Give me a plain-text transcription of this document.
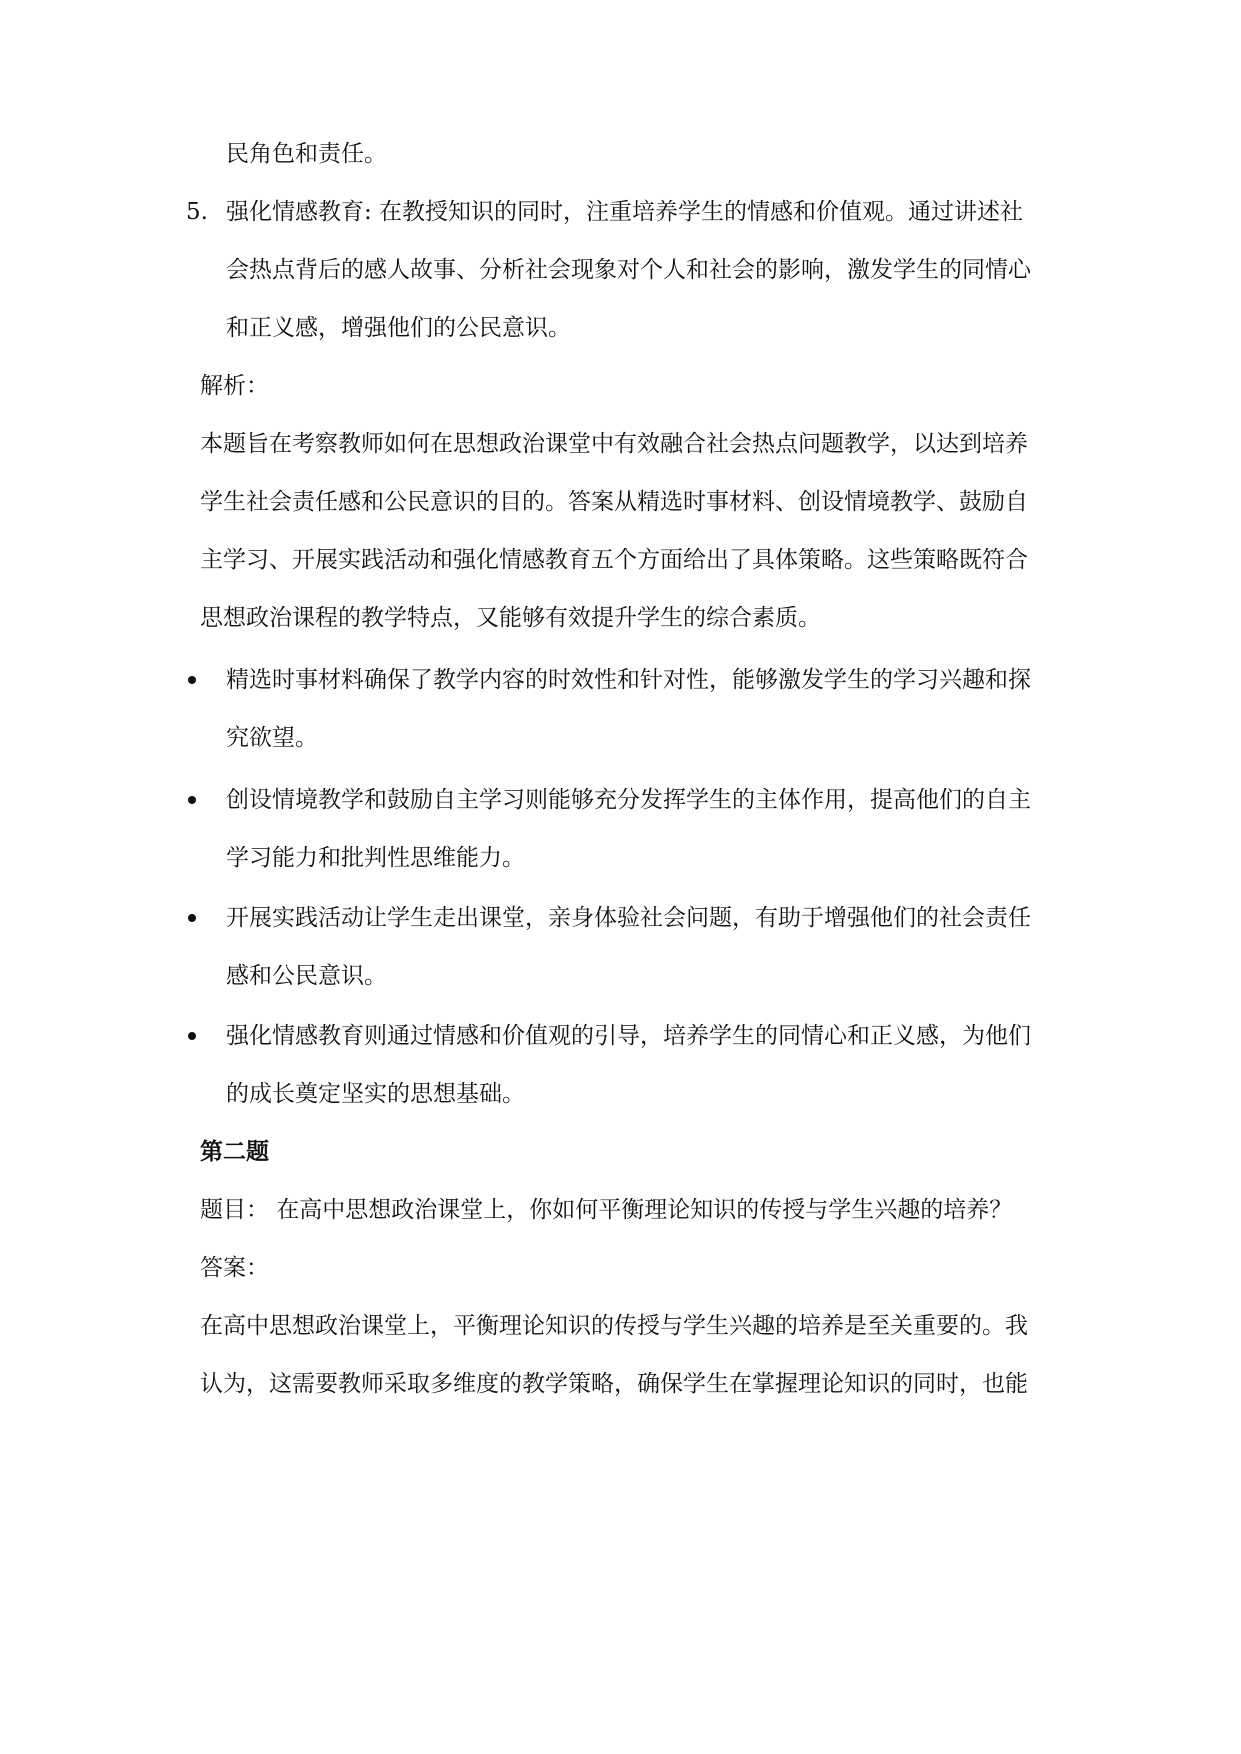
民角色和责任。
5. 强化情感教育: 在教授知识的同时，注重培养学生的情感和价值观。通过讲述社
会热点背后的感人故事、分析社会现象对个人和社会的影响，激发学生的同情心
和正义感，增强他们的公民意识。
解析：
本题旨在考察教师如何在思想政治课堂中有效融合社会热点问题教学，以达到培养
学生社会责任感和公民意识的目的。答案从精选时事材料、创设情境教学、鼓励自
主学习、开展实践活动和强化情感教育五个方面给出了具体策略。这些策略既符合
思想政治课程的教学特点，又能够有效提升学生的综合素质。
精选时事材料确保了教学内容的时效性和针对性，能够激发学生的学习兴趣和探
究欲望。
创设情境教学和鼓励自主学习则能够充分发挥学生的主体作用，提高他们的自主
学习能力和批判性思维能力。
开展实践活动让学生走出课堂，亲身体验社会问题，有助于增强他们的社会责任
感和公民意识。
强化情感教育则通过情感和价值观的引导，培养学生的同情心和正义感，为他们
的成长奠定坚实的思想基础。
第二题
题目： 在高中思想政治课堂上，你如何平衡理论知识的传授与学生兴趣的培养？
答案：
在高中思想政治课堂上，平衡理论知识的传授与学生兴趣的培养是至关重要的。我
认为，这需要教师采取多维度的教学策略，确保学生在掌握理论知识的同时，也能
